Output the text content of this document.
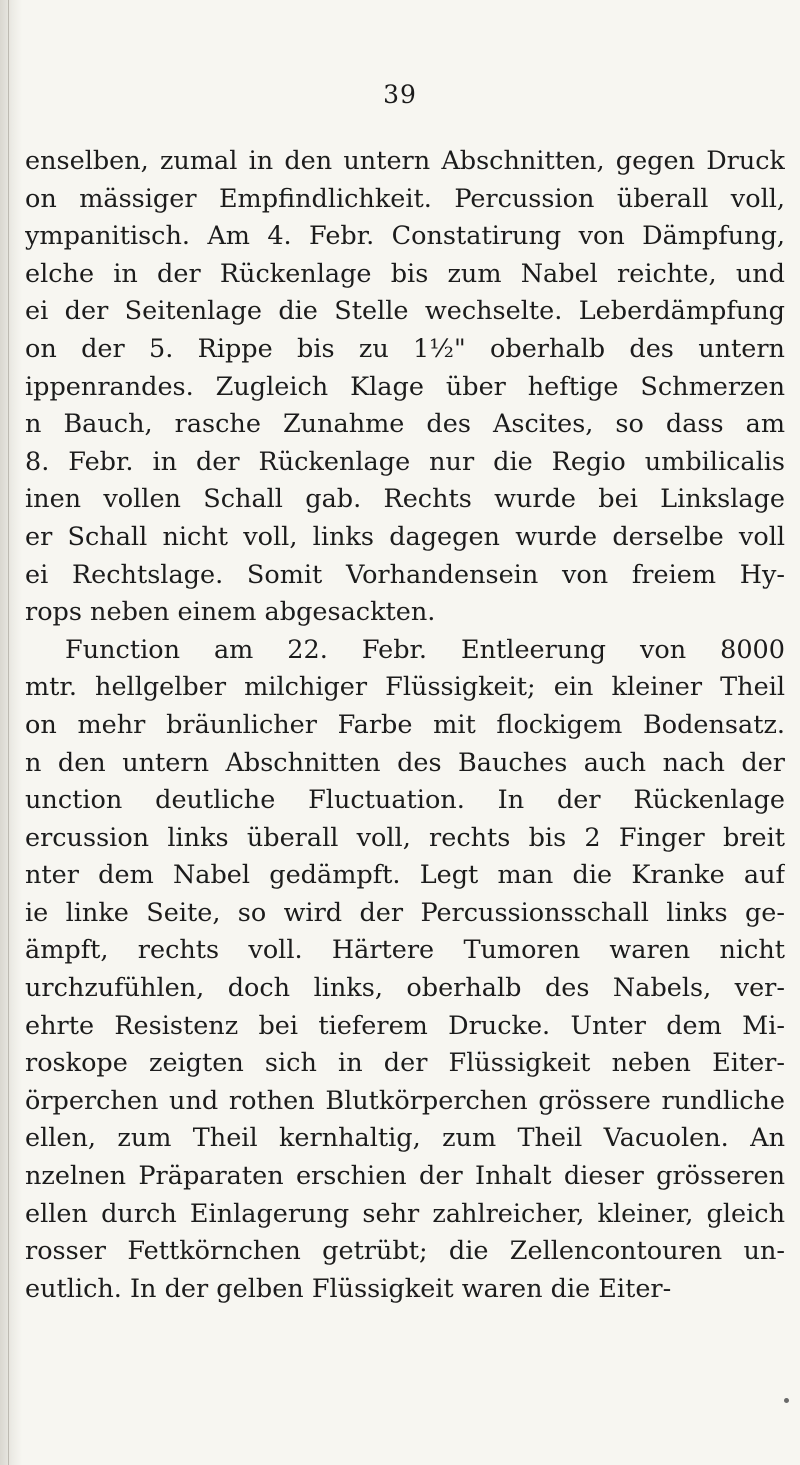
39
enselben, zumal in den untern Abschnitten, gegen Druck
on mässiger Empfindlichkeit. Percussion überall voll,
ympanitisch. Am 4. Febr. Constatirung von Dämpfung,
elche in der Rückenlage bis zum Nabel reichte, und
ei der Seitenlage die Stelle wechselte. Leberdämpfung
on der 5. Rippe bis zu 1½" oberhalb des untern
ippenrandes. Zugleich Klage über heftige Schmerzen
n Bauch, rasche Zunahme des Ascites, so dass am
8. Febr. in der Rückenlage nur die Regio umbilicalis
inen vollen Schall gab. Rechts wurde bei Linkslage
er Schall nicht voll, links dagegen wurde derselbe voll
ei Rechtslage. Somit Vorhandensein von freiem Hy-
rops neben einem abgesackten.
Function am 22. Febr. Entleerung von 8000
mtr. hellgelber milchiger Flüssigkeit; ein kleiner Theil
on mehr bräunlicher Farbe mit flockigem Bodensatz.
n den untern Abschnitten des Bauches auch nach der
unction deutliche Fluctuation. In der Rückenlage
ercussion links überall voll, rechts bis 2 Finger breit
nter dem Nabel gedämpft. Legt man die Kranke auf
ie linke Seite, so wird der Percussionsschall links ge-
ämpft, rechts voll. Härtere Tumoren waren nicht
urchzufühlen, doch links, oberhalb des Nabels, ver-
ehrte Resistenz bei tieferem Drucke. Unter dem Mi-
roskope zeigten sich in der Flüssigkeit neben Eiter-
örperchen und rothen Blutkörperchen grössere rundliche
ellen, zum Theil kernhaltig, zum Theil Vacuolen. An
nzelnen Präparaten erschien der Inhalt dieser grösseren
ellen durch Einlagerung sehr zahlreicher, kleiner, gleich
rosser Fettkörnchen getrübt; die Zellencontouren un-
eutlich. In der gelben Flüssigkeit waren die Eiter-
